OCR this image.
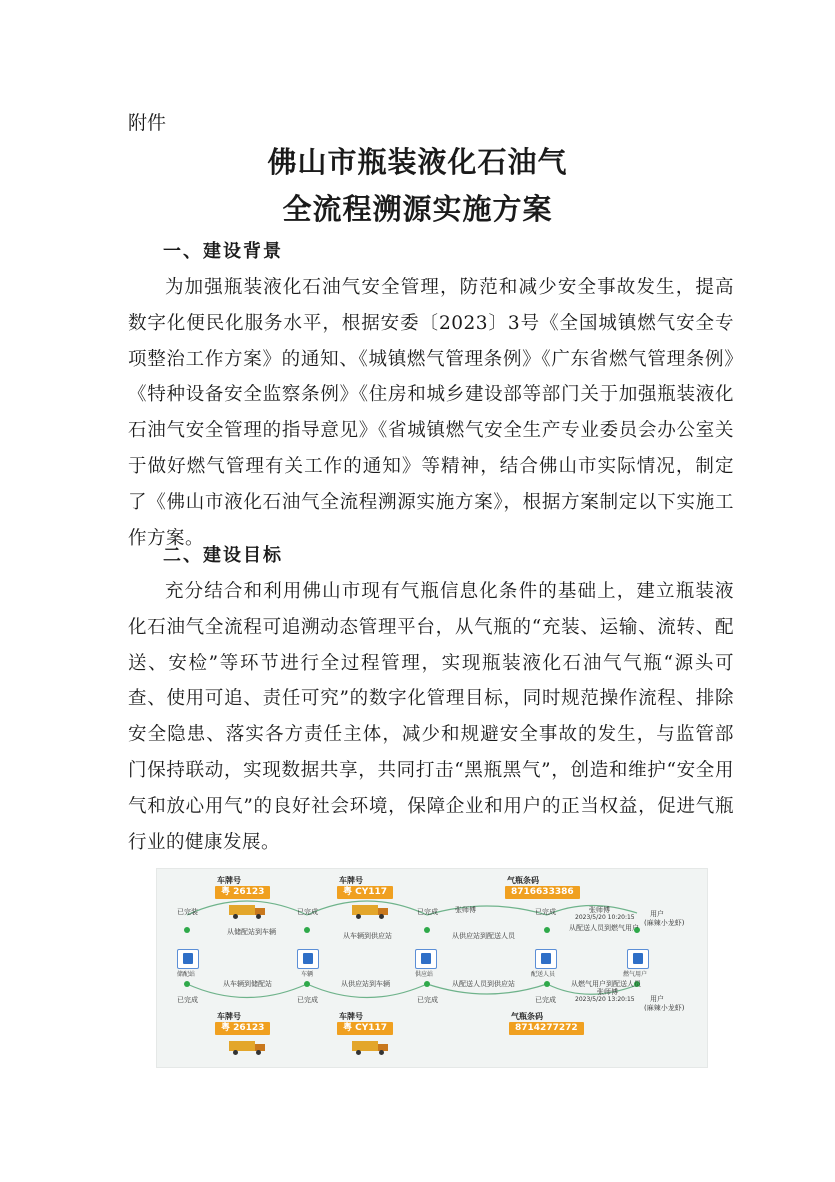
附件
佛山市瓶装液化石油气
全流程溯源实施方案
一、建设背景

为加强瓶装液化石油气安全管理，防范和减少安全事故发生，提高数字化便民化服务水平，根据安委〔2023〕3号《全国城镇燃气安全专项整治工作方案》的通知、《城镇燃气管理条例》《广东省燃气管理条例》《特种设备安全监察条例》《住房和城乡建设部等部门关于加强瓶装液化石油气安全管理的指导意见》《省城镇燃气安全生产专业委员会办公室关于做好燃气管理有关工作的通知》等精神，结合佛山市实际情况，制定了《佛山市液化石油气全流程溯源实施方案》，根据方案制定以下实施工作方案。

二、建设目标

充分结合和利用佛山市现有气瓶信息化条件的基础上，建立瓶装液化石油气全流程可追溯动态管理平台，从气瓶的“充装、运输、流转、配送、安检”等环节进行全过程管理，实现瓶装液化石油气气瓶“源头可查、使用可追、责任可究”的数字化管理目标，同时规范操作流程、排除安全隐患、落实各方责任主体，减少和规避安全事故的发生，与监管部门保持联动，实现数据共享，共同打击“黑瓶黑气”，创造和维护“安全用气和放心用气”的良好社会环境，保障企业和用户的正当权益，促进气瓶行业的健康发展。

车牌号
粤 26123
车牌号
粤 CY117
气瓶条码
8716633386
已完装	已完成	已完成	已完成
张师傅	张师傅
2023/5/20 10:20:15 用户
(麻辣小龙虾)
从储配站到车辆	从车辆到供应站	从供应站到配送人员
从配送人员到燃气用户
储配站	车辆	供应站	配送人员	燃气用户
从车辆到储配站	从供应站到车辆	从配送人员到供应站	从燃气用户到配送人员
张师傅
2023/5/20 13:20:15 用户
(麻辣小龙虾)
已完成	已完成	已完成	已完成
车牌号
粤 26123
车牌号
粤 CY117
气瓶条码
8714277272
